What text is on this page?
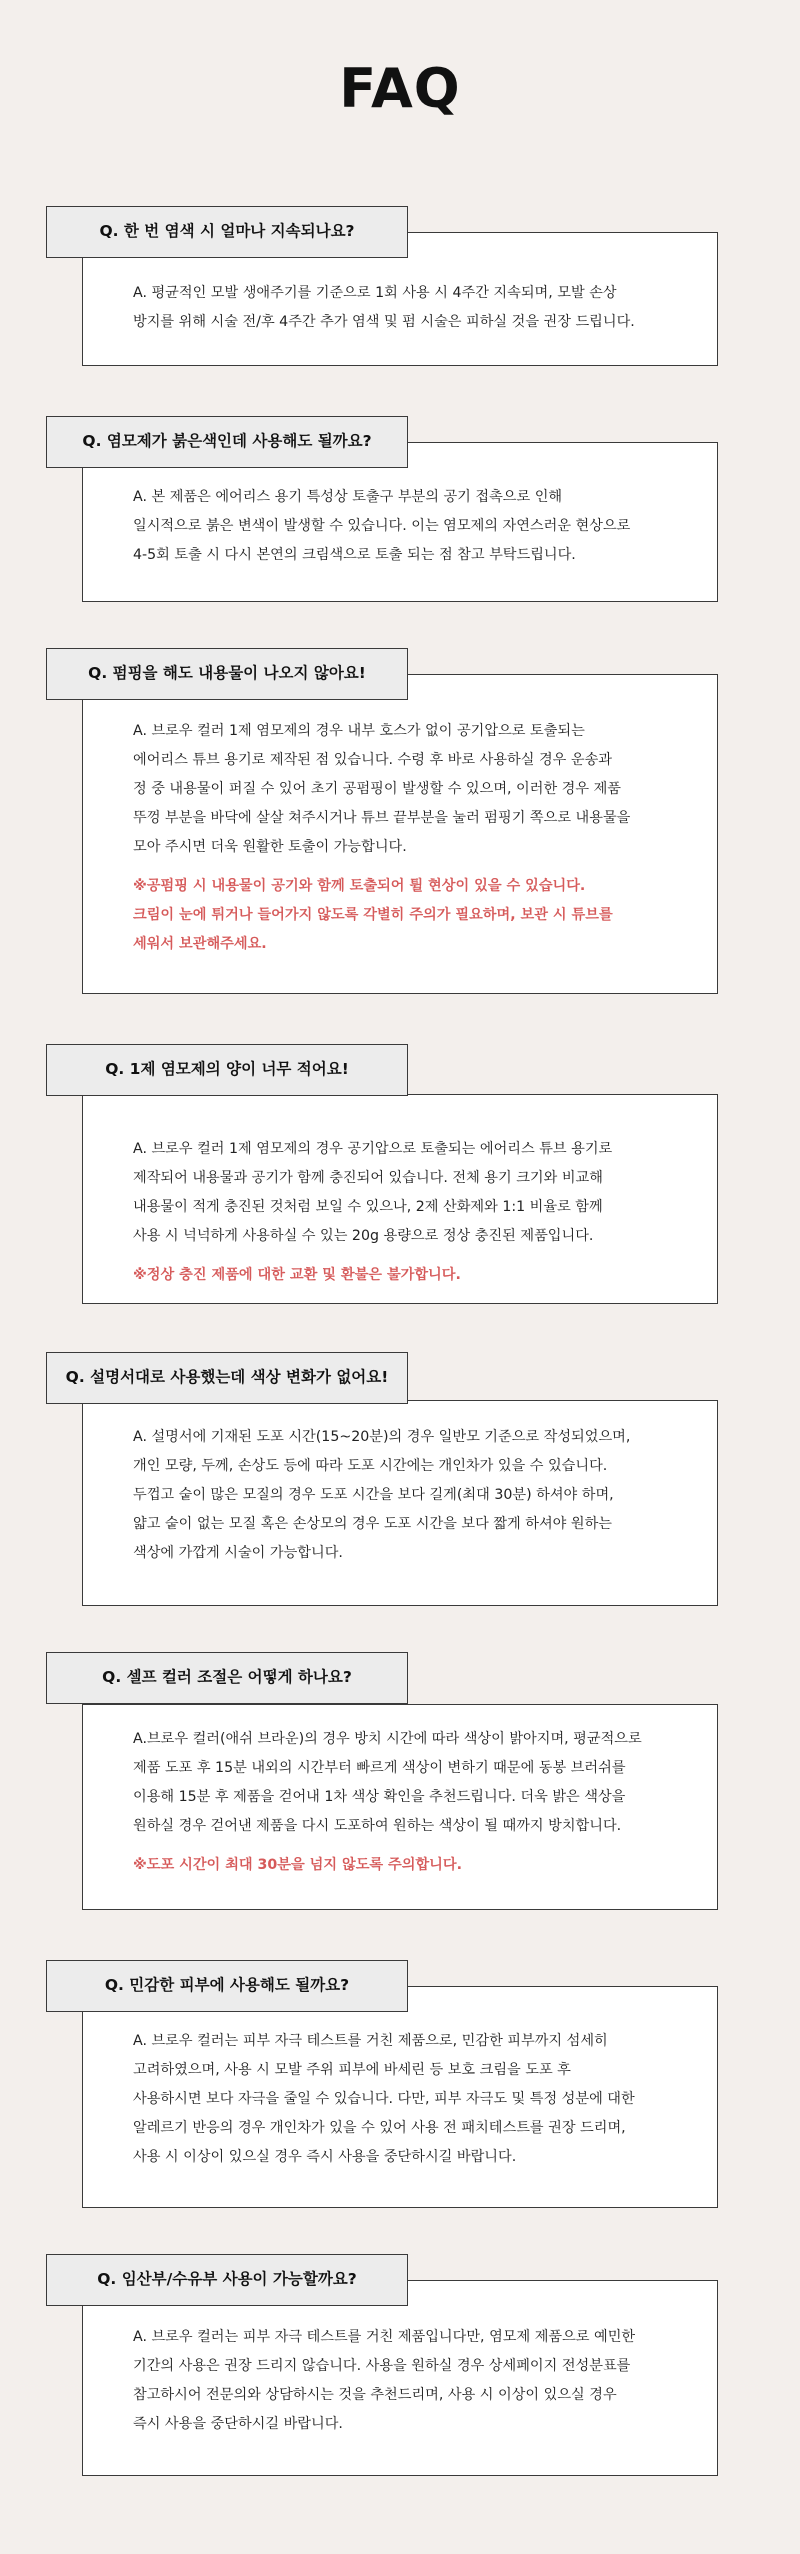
FAQ

A. 평균적인 모발 생애주기를 기준으로 1회 사용 시 4주간 지속되며, 모발 손상

방지를 위해 시술 전/후 4주간 추가 염색 및 펌 시술은 피하실 것을 권장 드립니다.

Q. 한 번 염색 시 얼마나 지속되나요?

A. 본 제품은 에어리스 용기 특성상 토출구 부분의 공기 접촉으로 인해

일시적으로 붉은 변색이 발생할 수 있습니다. 이는 염모제의 자연스러운 현상으로

4-5회 토출 시 다시 본연의 크림색으로 토출 되는 점 참고 부탁드립니다.

Q. 염모제가 붉은색인데 사용해도 될까요?

A. 브로우 컬러 1제 염모제의 경우 내부 호스가 없이 공기압으로 토출되는

에어리스 튜브 용기로 제작된 점 있습니다. 수령 후 바로 사용하실 경우 운송과

정 중 내용물이 퍼질 수 있어 초기 공펌핑이 발생할 수 있으며, 이러한 경우 제품

뚜껑 부분을 바닥에 살살 쳐주시거나 튜브 끝부분을 눌러 펌핑기 쪽으로 내용물을

모아 주시면 더욱 원활한 토출이 가능합니다.

※공펌핑 시 내용물이 공기와 함께 토출되어 튈 현상이 있을 수 있습니다.

크림이 눈에 튀거나 들어가지 않도록 각별히 주의가 필요하며, 보관 시 튜브를

세워서 보관해주세요.

Q. 펌핑을 해도 내용물이 나오지 않아요!

A. 브로우 컬러 1제 염모제의 경우 공기압으로 토출되는 에어리스 튜브 용기로

제작되어 내용물과 공기가 함께 충진되어 있습니다. 전체 용기 크기와 비교해

내용물이 적게 충진된 것처럼 보일 수 있으나, 2제 산화제와 1:1 비율로 함께

사용 시 넉넉하게 사용하실 수 있는 20g 용량으로 정상 충진된 제품입니다.

※정상 충진 제품에 대한 교환 및 환불은 불가합니다.

Q. 1제 염모제의 양이 너무 적어요!

A. 설명서에 기재된 도포 시간(15~20분)의 경우 일반모 기준으로 작성되었으며,

개인 모량, 두께, 손상도 등에 따라 도포 시간에는 개인차가 있을 수 있습니다.

두껍고 숱이 많은 모질의 경우 도포 시간을 보다 길게(최대 30분) 하셔야 하며,

얇고 숱이 없는 모질 혹은 손상모의 경우 도포 시간을 보다 짧게 하셔야 원하는

색상에 가깝게 시술이 가능합니다.

Q. 설명서대로 사용했는데 색상 변화가 없어요!

A.브로우 컬러(애쉬 브라운)의 경우 방치 시간에 따라 색상이 밝아지며, 평균적으로

제품 도포 후 15분 내외의 시간부터 빠르게 색상이 변하기 때문에 동봉 브러쉬를

이용해 15분 후 제품을 걷어내 1차 색상 확인을 추천드립니다. 더욱 밝은 색상을

원하실 경우 걷어낸 제품을 다시 도포하여 원하는 색상이 될 때까지 방치합니다.

※도포 시간이 최대 30분을 넘지 않도록 주의합니다.

Q. 셀프 컬러 조절은 어떻게 하나요?

A. 브로우 컬러는 피부 자극 테스트를 거친 제품으로, 민감한 피부까지 섬세히

고려하였으며, 사용 시 모발 주위 피부에 바세린 등 보호 크림을 도포 후

사용하시면 보다 자극을 줄일 수 있습니다. 다만, 피부 자극도 및 특정 성분에 대한

알레르기 반응의 경우 개인차가 있을 수 있어 사용 전 패치테스트를 권장 드리며,

사용 시 이상이 있으실 경우 즉시 사용을 중단하시길 바랍니다.

Q. 민감한 피부에 사용해도 될까요?

A. 브로우 컬러는 피부 자극 테스트를 거친 제품입니다만, 염모제 제품으로 예민한

기간의 사용은 권장 드리지 않습니다. 사용을 원하실 경우 상세페이지 전성분표를

참고하시어 전문의와 상담하시는 것을 추천드리며, 사용 시 이상이 있으실 경우

즉시 사용을 중단하시길 바랍니다.

Q. 임산부/수유부 사용이 가능할까요?
